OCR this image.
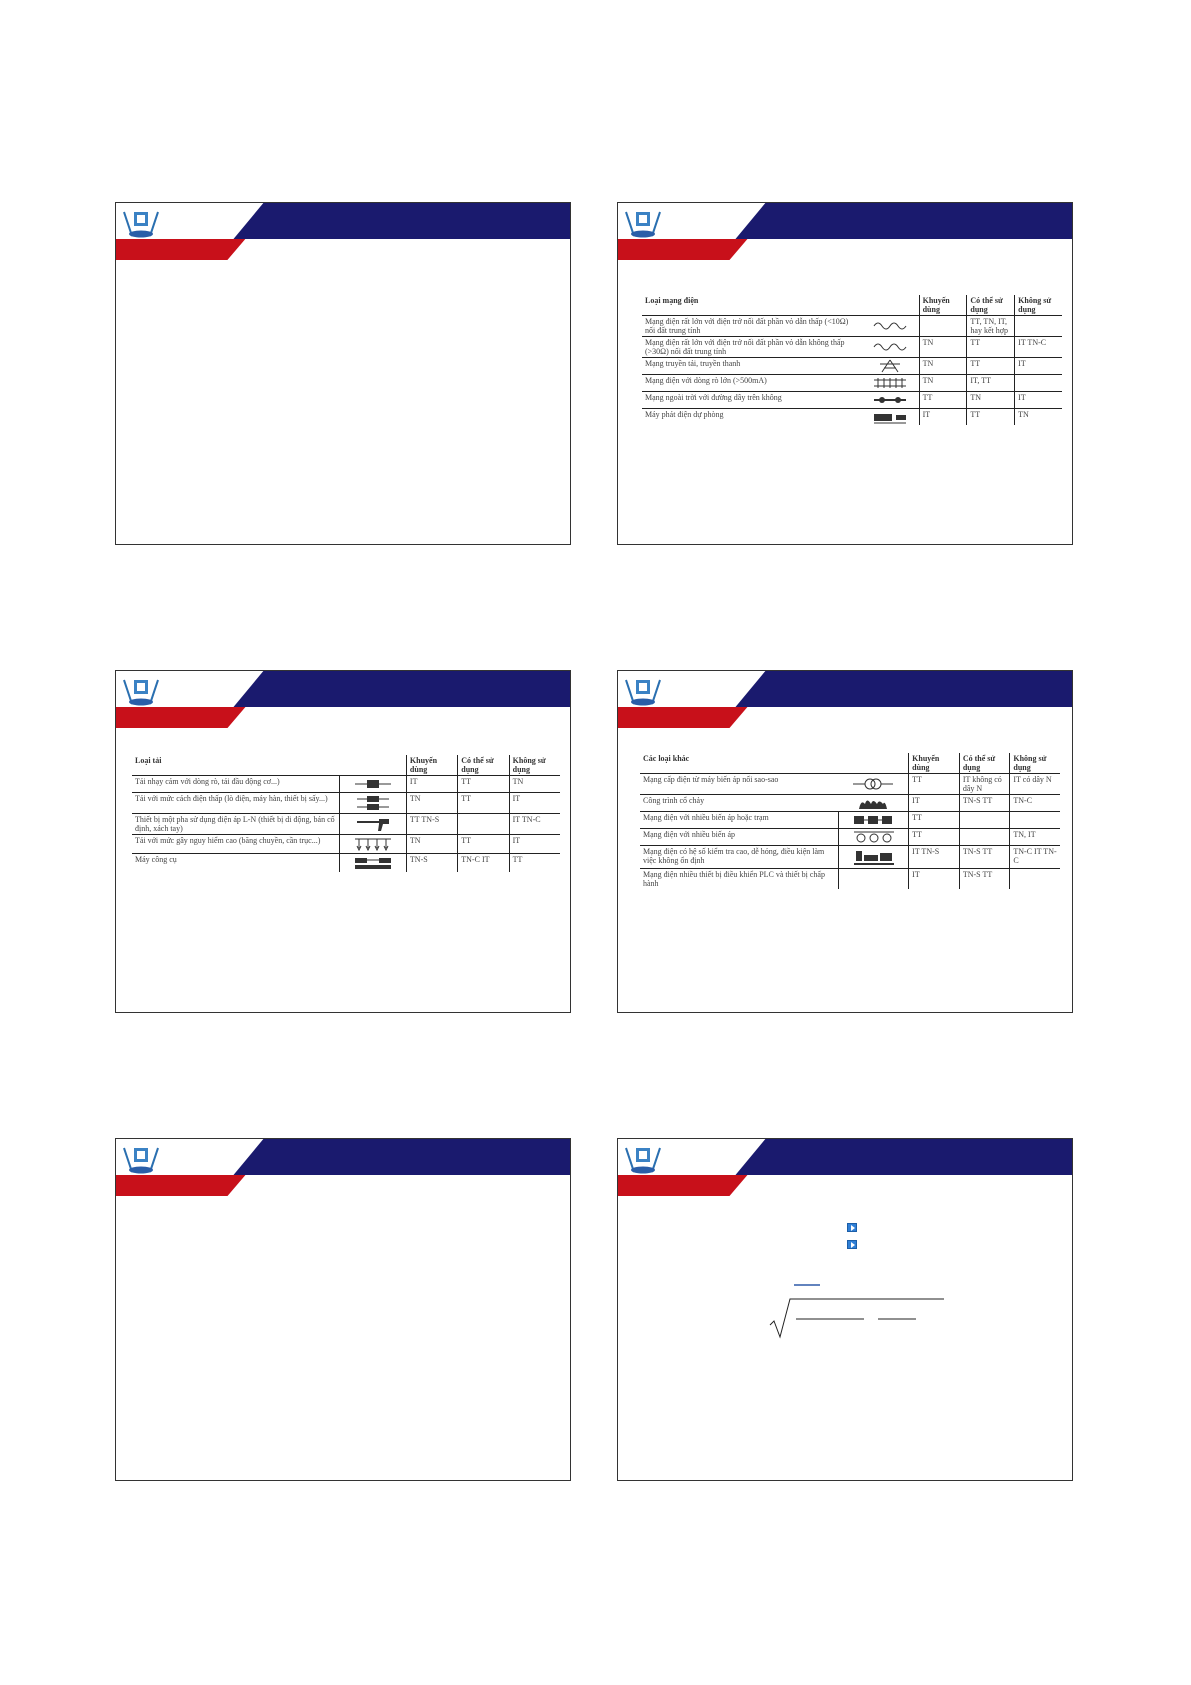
Loại mạng điện		Khuyến dùng	Có thể sử dụng	Không sử dụng
Mạng điện rất lớn với điện trở nối đất phần vỏ dẫn thấp (<10Ω) nối đất trung tính			TT, TN, IT, hay kết hợp	
Mạng điện rất lớn với điện trở nối đất phần vỏ dẫn không thấp (>30Ω) nối đất trung tính		TN	TT	IT TN-C
Mạng truyền tải, truyền thanh		TN	TT	IT
Mạng điện với dòng rò lớn (>500mA)		TN	IT, TT	
Mạng ngoài trời với đường dây trên không		TT	TN	IT
Máy phát điện dự phòng		IT	TT	TN
Loại tải		Khuyến dùng	Có thể sử dụng	Không sử dụng
Tải nhạy cảm với dòng rò, tải đầu động cơ...)		IT	TT	TN
Tải với mức cách điện thấp (lò điện, máy hàn, thiết bị sấy...)		TN	TT	IT
Thiết bị một pha sử dụng điện áp L-N (thiết bị di động, bán cố định, xách tay)		TT TN-S		IT TN-C
Tải với mức gây nguy hiểm cao (băng chuyền, cần trục...)		TN	TT	IT
Máy công cụ		TN-S	TN-C IT	TT
Các loại khác		Khuyến dùng	Có thể sử dụng	Không sử dụng
Mạng cấp điện từ máy biến áp nối sao-sao		TT	IT không có dây N	IT có dây N
Công trình cổ chảy		IT	TN-S TT	TN-C
Mạng điện với nhiều biến áp hoặc trạm		TT		
Mạng điện với nhiều biến áp		TT		TN, IT
Mạng điện có hệ số kiểm tra cao, dễ hỏng, điều kiện làm việc không ổn định		IT TN-S	TN-S TT	TN-C IT TN-C
Mạng điện nhiều thiết bị điều khiển PLC và thiết bị chấp hành		IT	TN-S TT	
